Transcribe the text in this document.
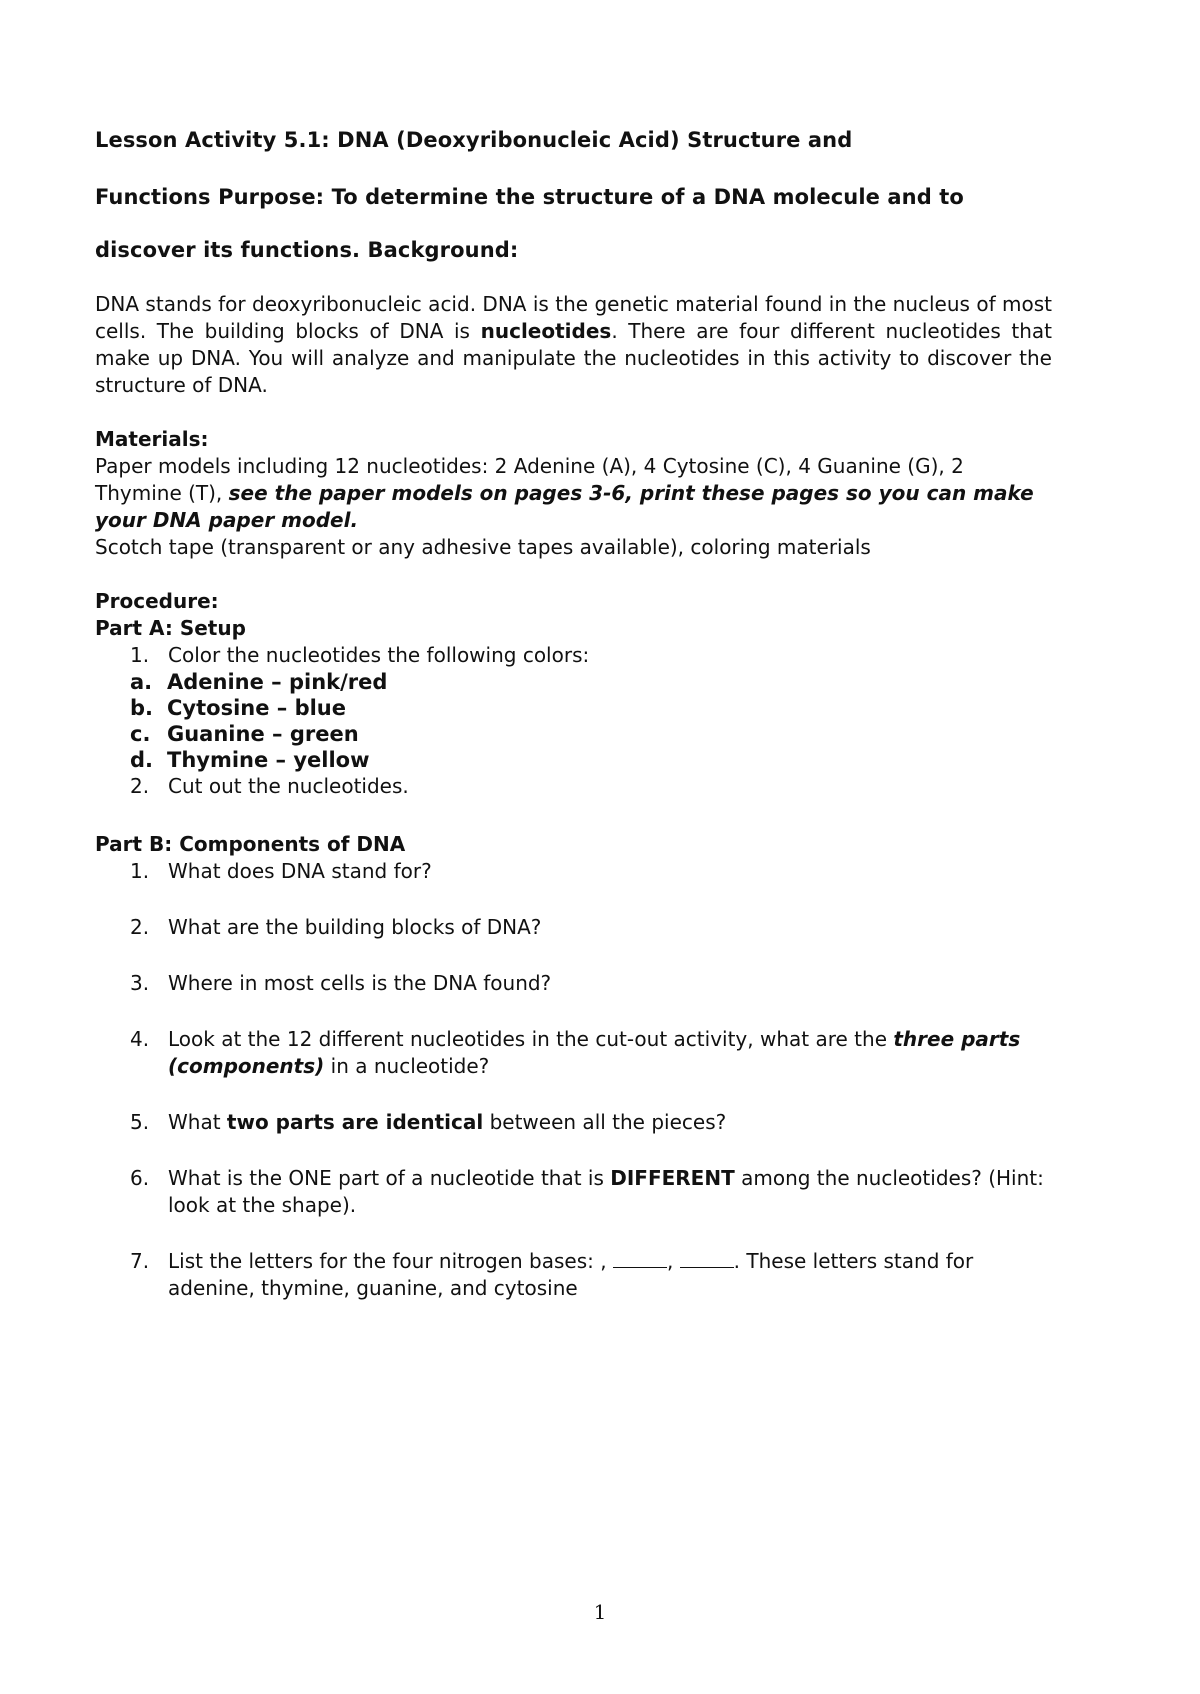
Lesson Activity 5.1: DNA (Deoxyribonucleic Acid) Structure and
Functions Purpose: To determine the structure of a DNA molecule and to
discover its functions. Background:
DNA stands for deoxyribonucleic acid. DNA is the genetic material found in the nucleus of most cells. The building blocks of DNA is nucleotides. There are four different nucleotides that make up DNA. You will analyze and manipulate the nucleotides in this activity to discover the structure of DNA.
Materials:
Paper models including 12 nucleotides: 2 Adenine (A), 4 Cytosine (C), 4 Guanine (G), 2 Thymine (T), see the paper models on pages 3-6, print these pages so you can make your DNA paper model.
Scotch tape (transparent or any adhesive tapes available), coloring materials
Procedure:
Part A: Setup
1. Color the nucleotides the following colors:
a. Adenine – pink/red
b. Cytosine – blue
c. Guanine – green
d. Thymine – yellow
2. Cut out the nucleotides.
Part B: Components of DNA
1. What does DNA stand for?
2. What are the building blocks of DNA?
3. Where in most cells is the DNA found?
4. Look at the 12 different nucleotides in the cut-out activity, what are the three parts (components) in a nucleotide?
5. What two parts are identical between all the pieces?
6. What is the ONE part of a nucleotide that is DIFFERENT among the nucleotides? (Hint: look at the shape).
7. List the letters for the four nitrogen bases: ,	,	. These letters stand for adenine, thymine, guanine, and cytosine
1
